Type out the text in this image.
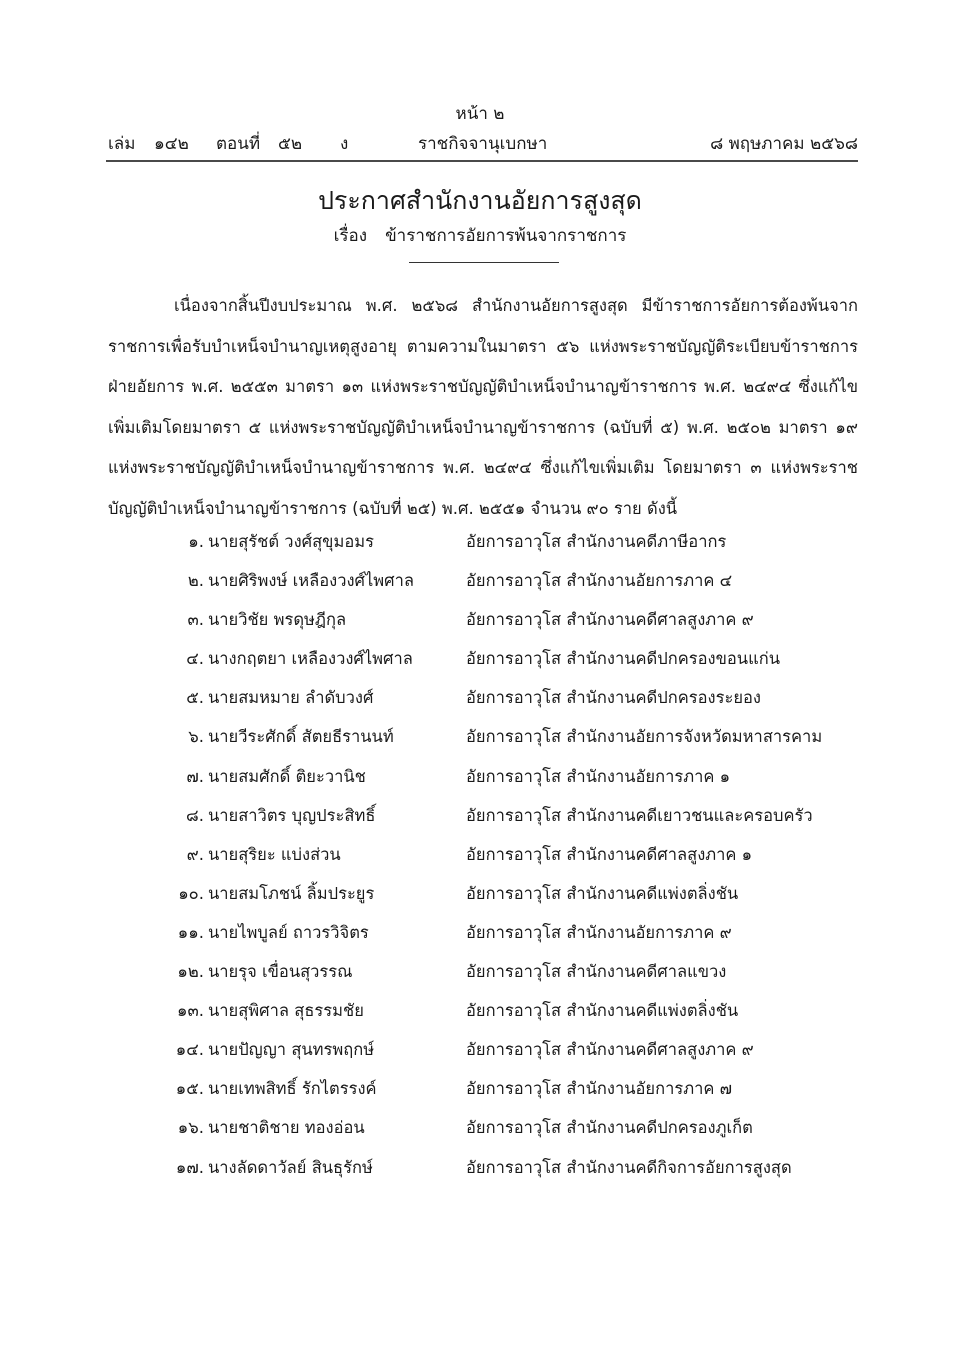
หน้า ๒
เล่ม ๑๔๒ ตอนที่ ๕๒ ง	ราชกิจจานุเบกษา	๘ พฤษภาคม ๒๕๖๘
ประกาศสำนักงานอัยการสูงสุด
เรื่อง ข้าราชการอัยการพ้นจากราชการ
เนื่องจากสิ้นปีงบประมาณ พ.ศ. ๒๕๖๘ สำนักงานอัยการสูงสุด มีข้าราชการอัยการต้องพ้นจากราชการเพื่อรับบำเหน็จบำนาญเหตุสูงอายุ ตามความในมาตรา ๕๖ แห่งพระราชบัญญัติระเบียบข้าราชการฝ่ายอัยการ พ.ศ. ๒๕๕๓ มาตรา ๑๓ แห่งพระราชบัญญัติบำเหน็จบำนาญข้าราชการ พ.ศ. ๒๔๙๔ ซึ่งแก้ไขเพิ่มเติมโดยมาตรา ๕ แห่งพระราชบัญญัติบำเหน็จบำนาญข้าราชการ (ฉบับที่ ๕) พ.ศ. ๒๕๐๒ มาตรา ๑๙ แห่งพระราชบัญญัติบำเหน็จบำนาญข้าราชการ พ.ศ. ๒๔๙๔ ซึ่งแก้ไขเพิ่มเติม โดยมาตรา ๓ แห่งพระราชบัญญัติบำเหน็จบำนาญข้าราชการ (ฉบับที่ ๒๕) พ.ศ. ๒๕๕๑ จำนวน ๙๐ ราย ดังนี้
๑. นายสุรัชต์ วงศ์สุขุมอมร	อัยการอาวุโส สำนักงานคดีภาษีอากร
๒. นายศิริพงษ์ เหลืองวงศ์ไพศาล	อัยการอาวุโส สำนักงานอัยการภาค ๔
๓. นายวิชัย พรดุษฎีกุล	อัยการอาวุโส สำนักงานคดีศาลสูงภาค ๙
๔. นางกฤตยา เหลืองวงศ์ไพศาล	อัยการอาวุโส สำนักงานคดีปกครองขอนแก่น
๕. นายสมหมาย ลำดับวงศ์	อัยการอาวุโส สำนักงานคดีปกครองระยอง
๖. นายวีระศักดิ์ สัตยธีรานนท์	อัยการอาวุโส สำนักงานอัยการจังหวัดมหาสารคาม
๗. นายสมศักดิ์ ติยะวานิช	อัยการอาวุโส สำนักงานอัยการภาค ๑
๘. นายสาวิตร บุญประสิทธิ์	อัยการอาวุโส สำนักงานคดีเยาวชนและครอบครัว
๙. นายสุริยะ แบ่งส่วน	อัยการอาวุโส สำนักงานคดีศาลสูงภาค ๑
๑๐. นายสมโภชน์ ลิ้มประยูร	อัยการอาวุโส สำนักงานคดีแพ่งตลิ่งชัน
๑๑. นายไพบูลย์ ถาวรวิจิตร	อัยการอาวุโส สำนักงานอัยการภาค ๙
๑๒. นายรุจ เขื่อนสุวรรณ	อัยการอาวุโส สำนักงานคดีศาลแขวง
๑๓. นายสุพิศาล สุธรรมชัย	อัยการอาวุโส สำนักงานคดีแพ่งตลิ่งชัน
๑๔. นายปัญญา สุนทรพฤกษ์	อัยการอาวุโส สำนักงานคดีศาลสูงภาค ๙
๑๕. นายเทพสิทธิ์ รักไตรรงค์	อัยการอาวุโส สำนักงานอัยการภาค ๗
๑๖. นายชาติชาย ทองอ่อน	อัยการอาวุโส สำนักงานคดีปกครองภูเก็ต
๑๗. นางลัดดาวัลย์ สินธุรักษ์	อัยการอาวุโส สำนักงานคดีกิจการอัยการสูงสุด
